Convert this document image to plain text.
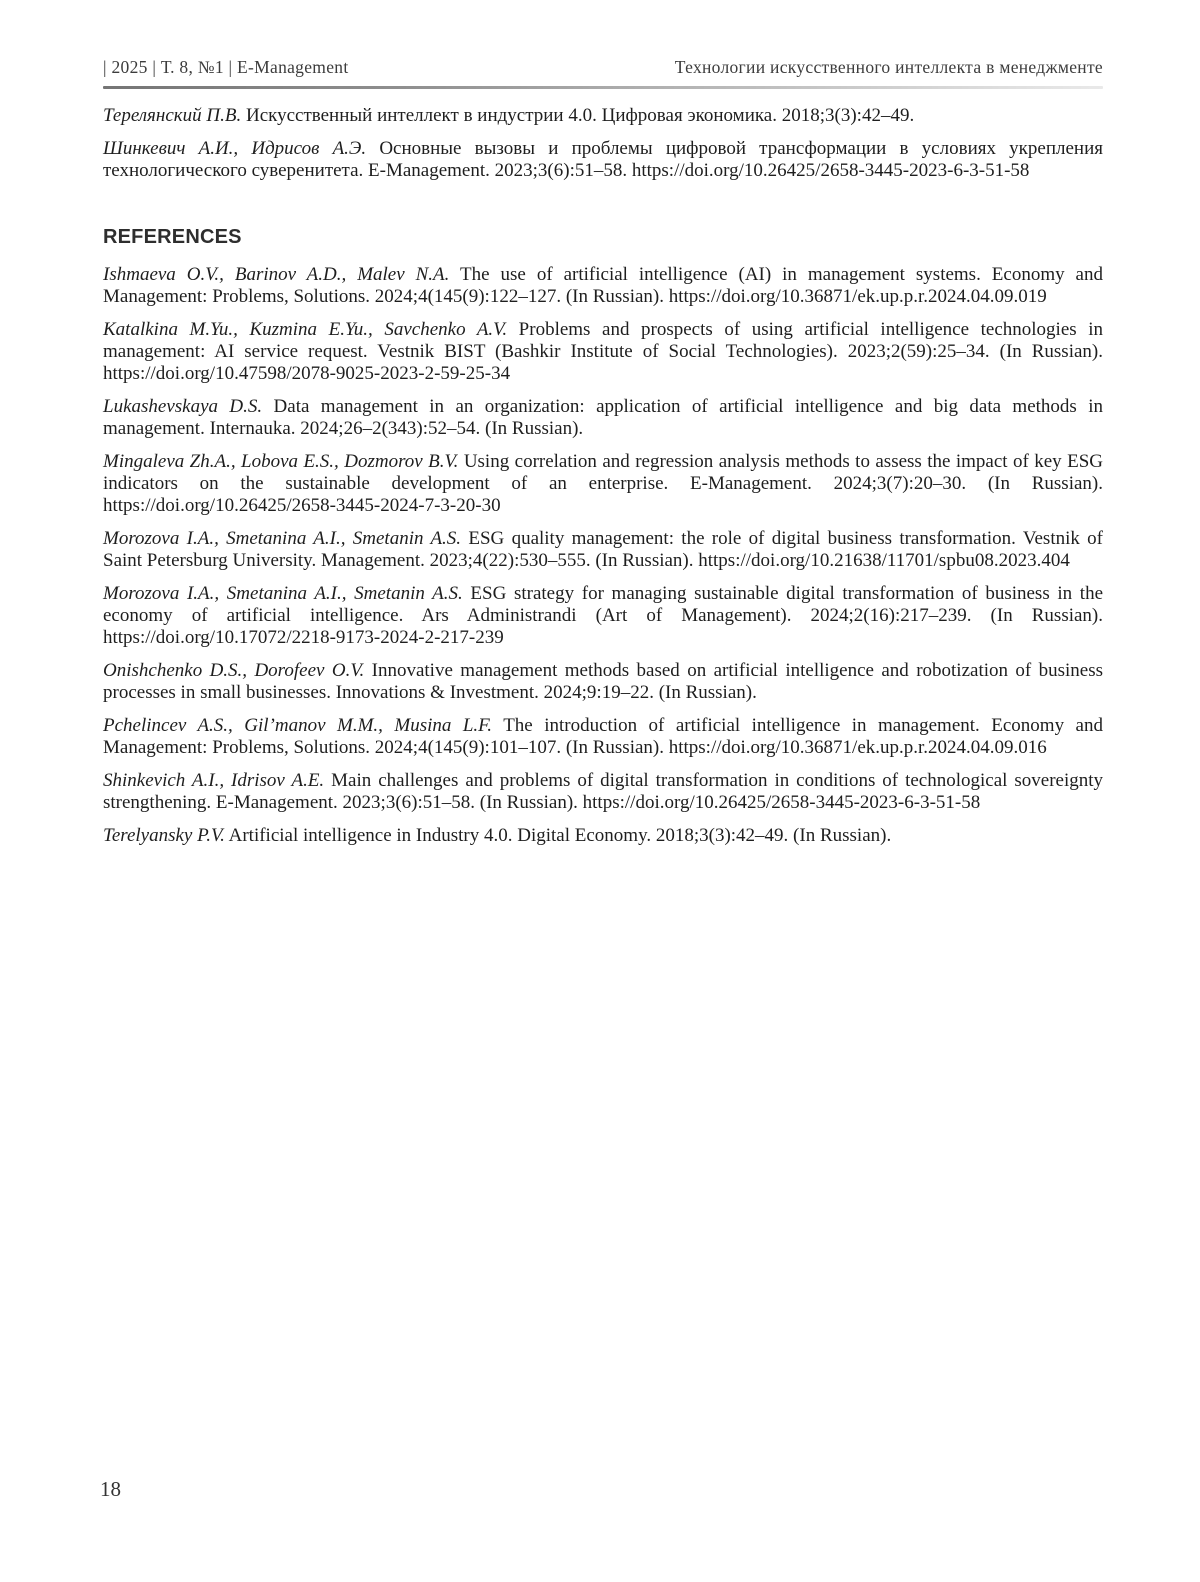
| 2025 | Т. 8, №1 | E-Management	Технологии искусственного интеллекта в менеджменте

Терелянский П.В. Искусственный интеллект в индустрии 4.0. Цифровая экономика. 2018;3(3):42–49.

Шинкевич А.И., Идрисов А.Э. Основные вызовы и проблемы цифровой трансформации в условиях укрепления технологического суверенитета. E-Management. 2023;3(6):51–58. https://doi.org/10.26425/2658-3445-2023-6-3-51-58

REFERENCES

Ishmaeva O.V., Barinov A.D., Malev N.A. The use of artificial intelligence (AI) in management systems. Economy and Management: Problems, Solutions. 2024;4(145(9):122–127. (In Russian). https://doi.org/10.36871/ek.up.p.r.2024.04.09.019

Katalkina M.Yu., Kuzmina E.Yu., Savchenko A.V. Problems and prospects of using artificial intelligence technologies in management: AI service request. Vestnik BIST (Bashkir Institute of Social Technologies). 2023;2(59):25–34. (In Russian). https://doi.org/10.47598/2078-9025-2023-2-59-25-34

Lukashevskaya D.S. Data management in an organization: application of artificial intelligence and big data methods in management. Internauka. 2024;26–2(343):52–54. (In Russian).

Mingaleva Zh.A., Lobova E.S., Dozmorov B.V. Using correlation and regression analysis methods to assess the impact of key ESG indicators on the sustainable development of an enterprise. E-Management. 2024;3(7):20–30. (In Russian). https://doi.org/10.26425/2658-3445-2024-7-3-20-30

Morozova I.A., Smetanina A.I., Smetanin A.S. ESG quality management: the role of digital business transformation. Vestnik of Saint Petersburg University. Management. 2023;4(22):530–555. (In Russian). https://doi.org/10.21638/11701/spbu08.2023.404

Morozova I.A., Smetanina A.I., Smetanin A.S. ESG strategy for managing sustainable digital transformation of business in the economy of artificial intelligence. Ars Administrandi (Art of Management). 2024;2(16):217–239. (In Russian). https://doi.org/10.17072/2218-9173-2024-2-217-239

Onishchenko D.S., Dorofeev O.V. Innovative management methods based on artificial intelligence and robotization of business processes in small businesses. Innovations & Investment. 2024;9:19–22. (In Russian).

Pchelincev A.S., Gil’manov M.M., Musina L.F. The introduction of artificial intelligence in management. Economy and Management: Problems, Solutions. 2024;4(145(9):101–107. (In Russian). https://doi.org/10.36871/ek.up.p.r.2024.04.09.016

Shinkevich A.I., Idrisov A.E. Main challenges and problems of digital transformation in conditions of technological sovereignty strengthening. E-Management. 2023;3(6):51–58. (In Russian). https://doi.org/10.26425/2658-3445-2023-6-3-51-58

Terelyansky P.V. Artificial intelligence in Industry 4.0. Digital Economy. 2018;3(3):42–49. (In Russian).

18
